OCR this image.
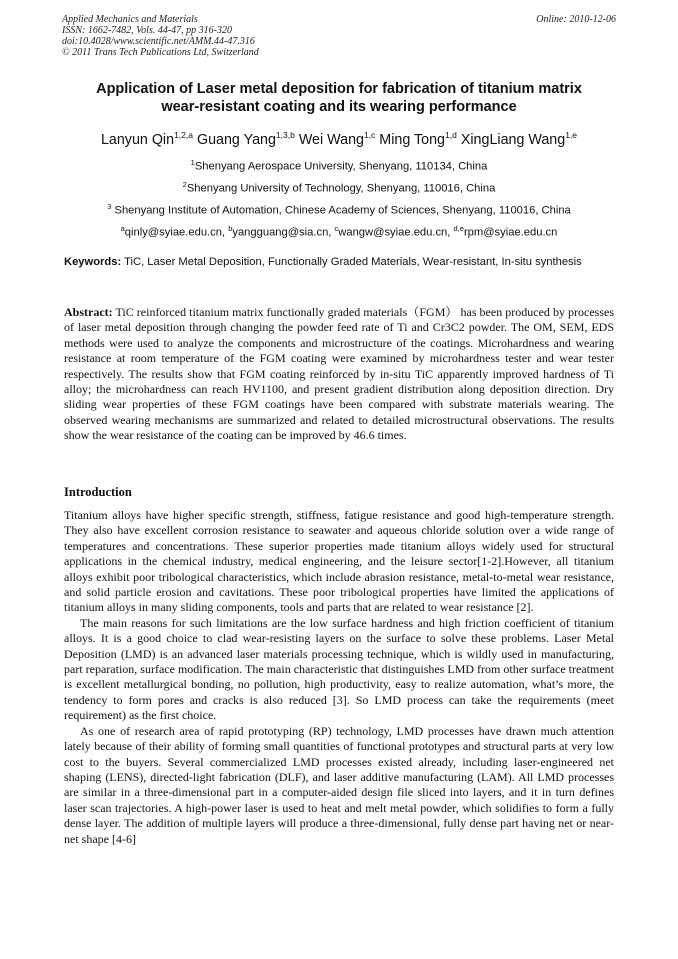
Applied Mechanics and Materials
ISSN: 1662-7482, Vols. 44-47, pp 316-320
doi:10.4028/www.scientific.net/AMM.44-47.316
© 2011 Trans Tech Publications Ltd, Switzerland
Online: 2010-12-06
Application of Laser metal deposition for fabrication of titanium matrix
wear-resistant coating and its wearing performance
Lanyun Qin$^{1,2,a}$ Guang Yang$^{1,3,b}$ Wei Wang$^{1,c}$ Ming Tong$^{1,d}$ XingLiang Wang$^{1,e}$
$^1$Shenyang Aerospace University, Shenyang, 110134, China
$^2$Shenyang University of Technology, Shenyang, 110016, China
$^3$ Shenyang Institute of Automation, Chinese Academy of Sciences, Shenyang, 110016, China
$^a$qinly@syiae.edu.cn, $^b$yangguang@sia.cn, $^c$wangw@syiae.edu.cn, $^{d,e}$rpm@syiae.edu.cn
Keywords: TiC, Laser Metal Deposition, Functionally Graded Materials, Wear-resistant, In-situ synthesis
Abstract: TiC reinforced titanium matrix functionally graded materials（FGM） has been produced by processes of laser metal deposition through changing the powder feed rate of Ti and Cr3C2 powder. The OM, SEM, EDS methods were used to analyze the components and microstructure of the coatings. Microhardness and wearing resistance at room temperature of the FGM coating were examined by microhardness tester and wear tester respectively. The results show that FGM coating reinforced by in-situ TiC apparently improved hardness of Ti alloy; the microhardness can reach HV1100, and present gradient distribution along deposition direction. Dry sliding wear properties of these FGM coatings have been compared with substrate materials wearing. The observed wearing mechanisms are summarized and related to detailed microstructural observations. The results show the wear resistance of the coating can be improved by 46.6 times.
Introduction
Titanium alloys have higher specific strength, stiffness, fatigue resistance and good high-temperature strength. They also have excellent corrosion resistance to seawater and aqueous chloride solution over a wide range of temperatures and concentrations. These superior properties made titanium alloys widely used for structural applications in the chemical industry, medical engineering, and the leisure sector[1-2].However, all titanium alloys exhibit poor tribological characteristics, which include abrasion resistance, metal-to-metal wear resistance, and solid particle erosion and cavitations. These poor tribological properties have limited the applications of titanium alloys in many sliding components, tools and parts that are related to wear resistance [2].
The main reasons for such limitations are the low surface hardness and high friction coefficient of titanium alloys. It is a good choice to clad wear-resisting layers on the surface to solve these problems. Laser Metal Deposition (LMD) is an advanced laser materials processing technique, which is wildly used in manufacturing, part reparation, surface modification. The main characteristic that distinguishes LMD from other surface treatment is excellent metallurgical bonding, no pollution, high productivity, easy to realize automation, what’s more, the tendency to form pores and cracks is also reduced [3]. So LMD process can take the requirements (meet requirement) as the first choice.
As one of research area of rapid prototyping (RP) technology, LMD processes have drawn much attention lately because of their ability of forming small quantities of functional prototypes and structural parts at very low cost to the buyers. Several commercialized LMD processes existed already, including laser-engineered net shaping (LENS), directed-light fabrication (DLF), and laser additive manufacturing (LAM). All LMD processes are similar in a three-dimensional part in a computer-aided design file sliced into layers, and it in turn defines laser scan trajectories. A high-power laser is used to heat and melt metal powder, which solidifies to form a fully dense layer. The addition of multiple layers will produce a three-dimensional, fully dense part having net or near-net shape [4-6]
